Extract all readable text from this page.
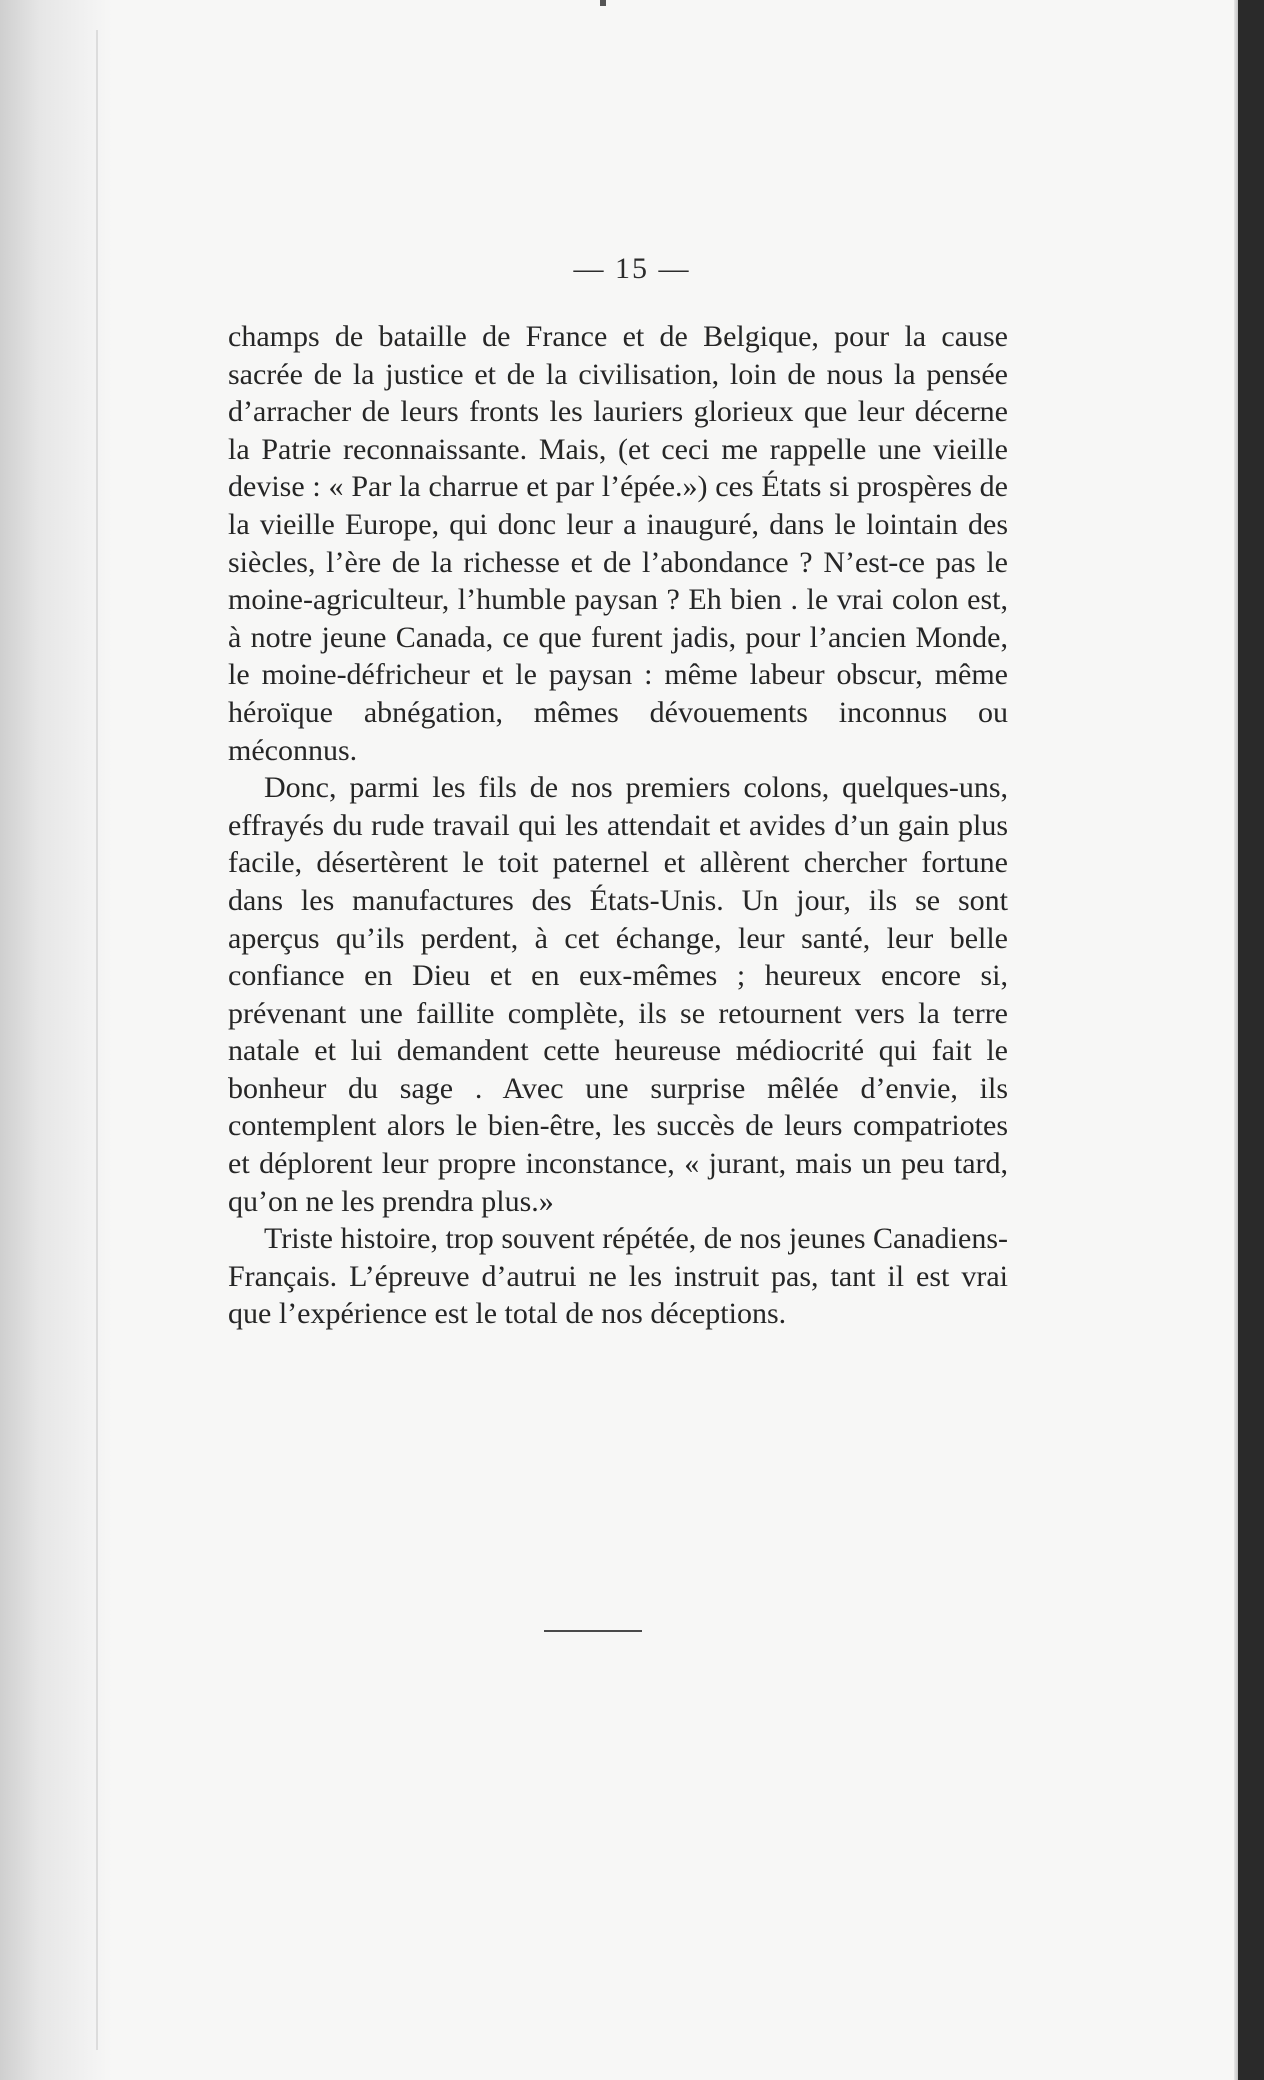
— 15 —

champs de bataille de France et de Belgique, pour la cause sacrée de la justice et de la civilisation, loin de nous la pensée d’arracher de leurs fronts les lauriers glorieux que leur décerne la Patrie reconnaissante. Mais, (et ceci me rappelle une vieille devise : « Par la charrue et par l’épée.») ces États si prospères de la vieille Europe, qui donc leur a inauguré, dans le lointain des siècles, l’ère de la richesse et de l’abondance ? N’est-ce pas le moine-agriculteur, l’humble paysan ? Eh bien . le vrai colon est, à notre jeune Canada, ce que furent jadis, pour l’ancien Monde, le moine-défricheur et le paysan : même labeur obscur, même héroïque abnégation, mêmes dévouements inconnus ou méconnus.

Donc, parmi les fils de nos premiers colons, quelques-uns, effrayés du rude travail qui les attendait et avides d’un gain plus facile, désertèrent le toit paternel et allèrent chercher fortune dans les manufactures des États-Unis. Un jour, ils se sont aperçus qu’ils perdent, à cet échange, leur santé, leur belle confiance en Dieu et en eux-mêmes ; heureux encore si, prévenant une faillite complète, ils se retournent vers la terre natale et lui demandent cette heureuse médiocrité qui fait le bonheur du sage . Avec une surprise mêlée d’envie, ils contemplent alors le bien-être, les succès de leurs compatriotes et déplorent leur propre inconstance, « jurant, mais un peu tard, qu’on ne les prendra plus.»

Triste histoire, trop souvent répétée, de nos jeunes Canadiens-Français. L’épreuve d’autrui ne les instruit pas, tant il est vrai que l’expérience est le total de nos déceptions.
